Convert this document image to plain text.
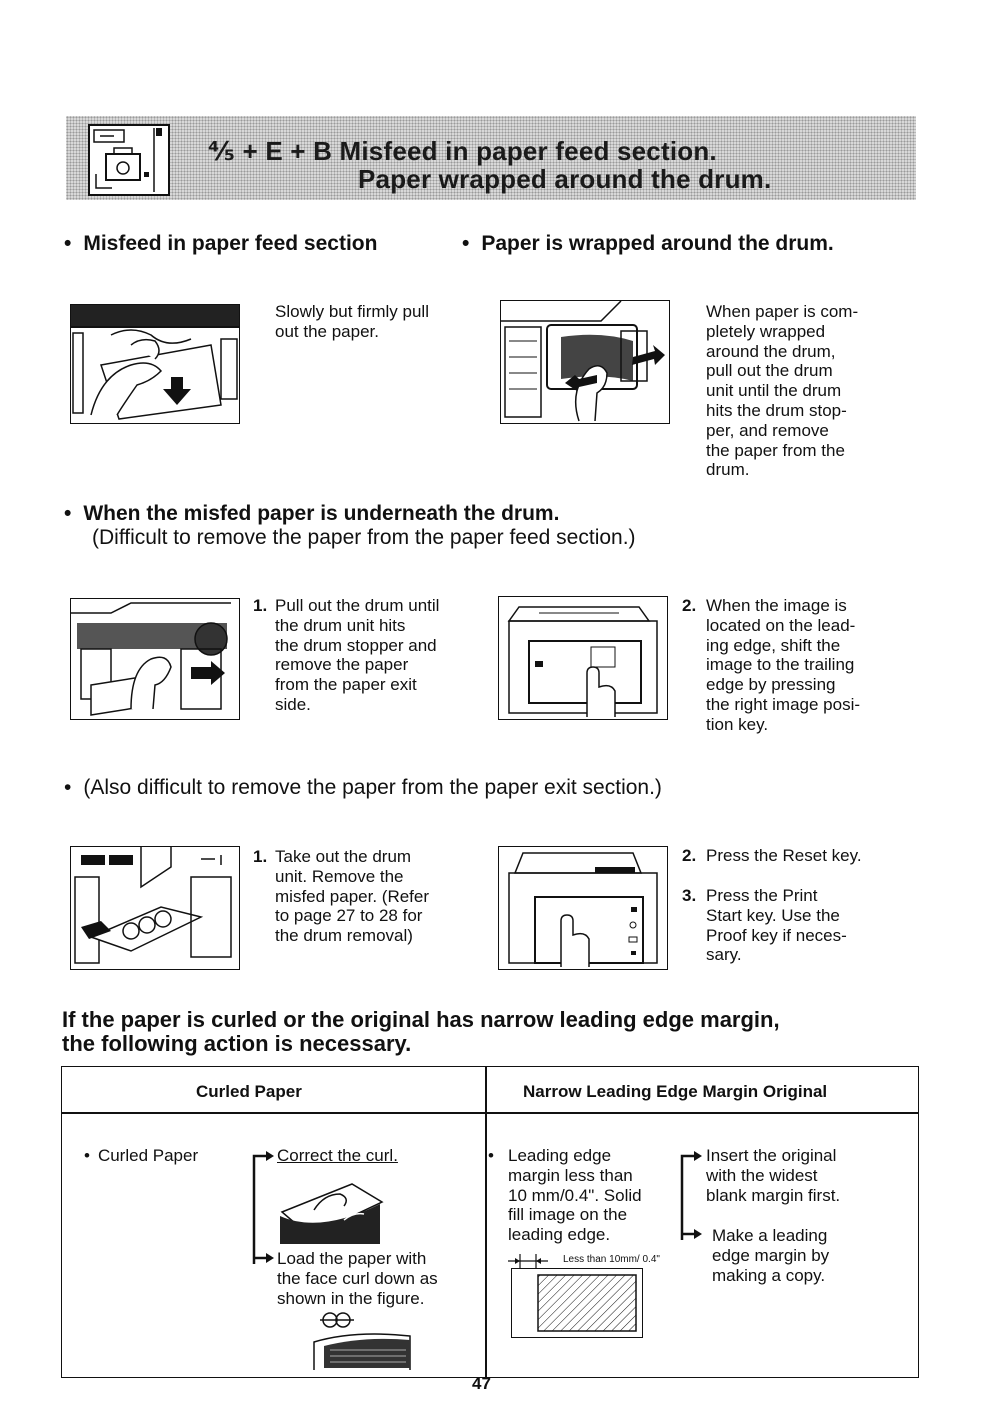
⅘ + E + B Misfeed in paper feed section.
Paper wrapped around the drum.
• Misfeed in paper feed section
•	Paper is wrapped around the drum.
Slowly but firmly pull
out the paper.
When paper is com-
pletely wrapped
around the drum,
pull out the drum
unit until the drum
hits the drum stop-
per, and remove
the paper from the
drum.
• When the misfed paper is underneath the drum.
(Difficult to remove the paper from the paper feed section.)
1. Pull out the drum until
the drum unit hits
the drum stopper and
remove the paper
from the paper exit
side.
2. When the image is
located on the lead-
ing edge, shift the
image to the trailing
edge by pressing
the right image posi-
tion key.
• (Also difficult to remove the paper from the paper exit section.)
1. Take out the drum
unit. Remove the
misfed paper. (Refer
to page 27 to 28 for
the drum removal)
2. Press the Reset key.
3. Press the Print
Start key. Use the
Proof key if neces-
sary.
If the paper is curled or the original has narrow leading edge margin,
the following action is necessary.
Curled Paper	Narrow Leading Edge Margin Original
• Curled Paper	Correct the curl.
Load the paper with
the face curl down as
shown in the figure.
• Leading edge
margin less than
10 mm/0.4". Solid
fill image on the
leading edge.
Insert the original
with the widest
blank margin first.
Make a leading
edge margin by
making a copy.
Less than 10mm/ 0.4"
47
